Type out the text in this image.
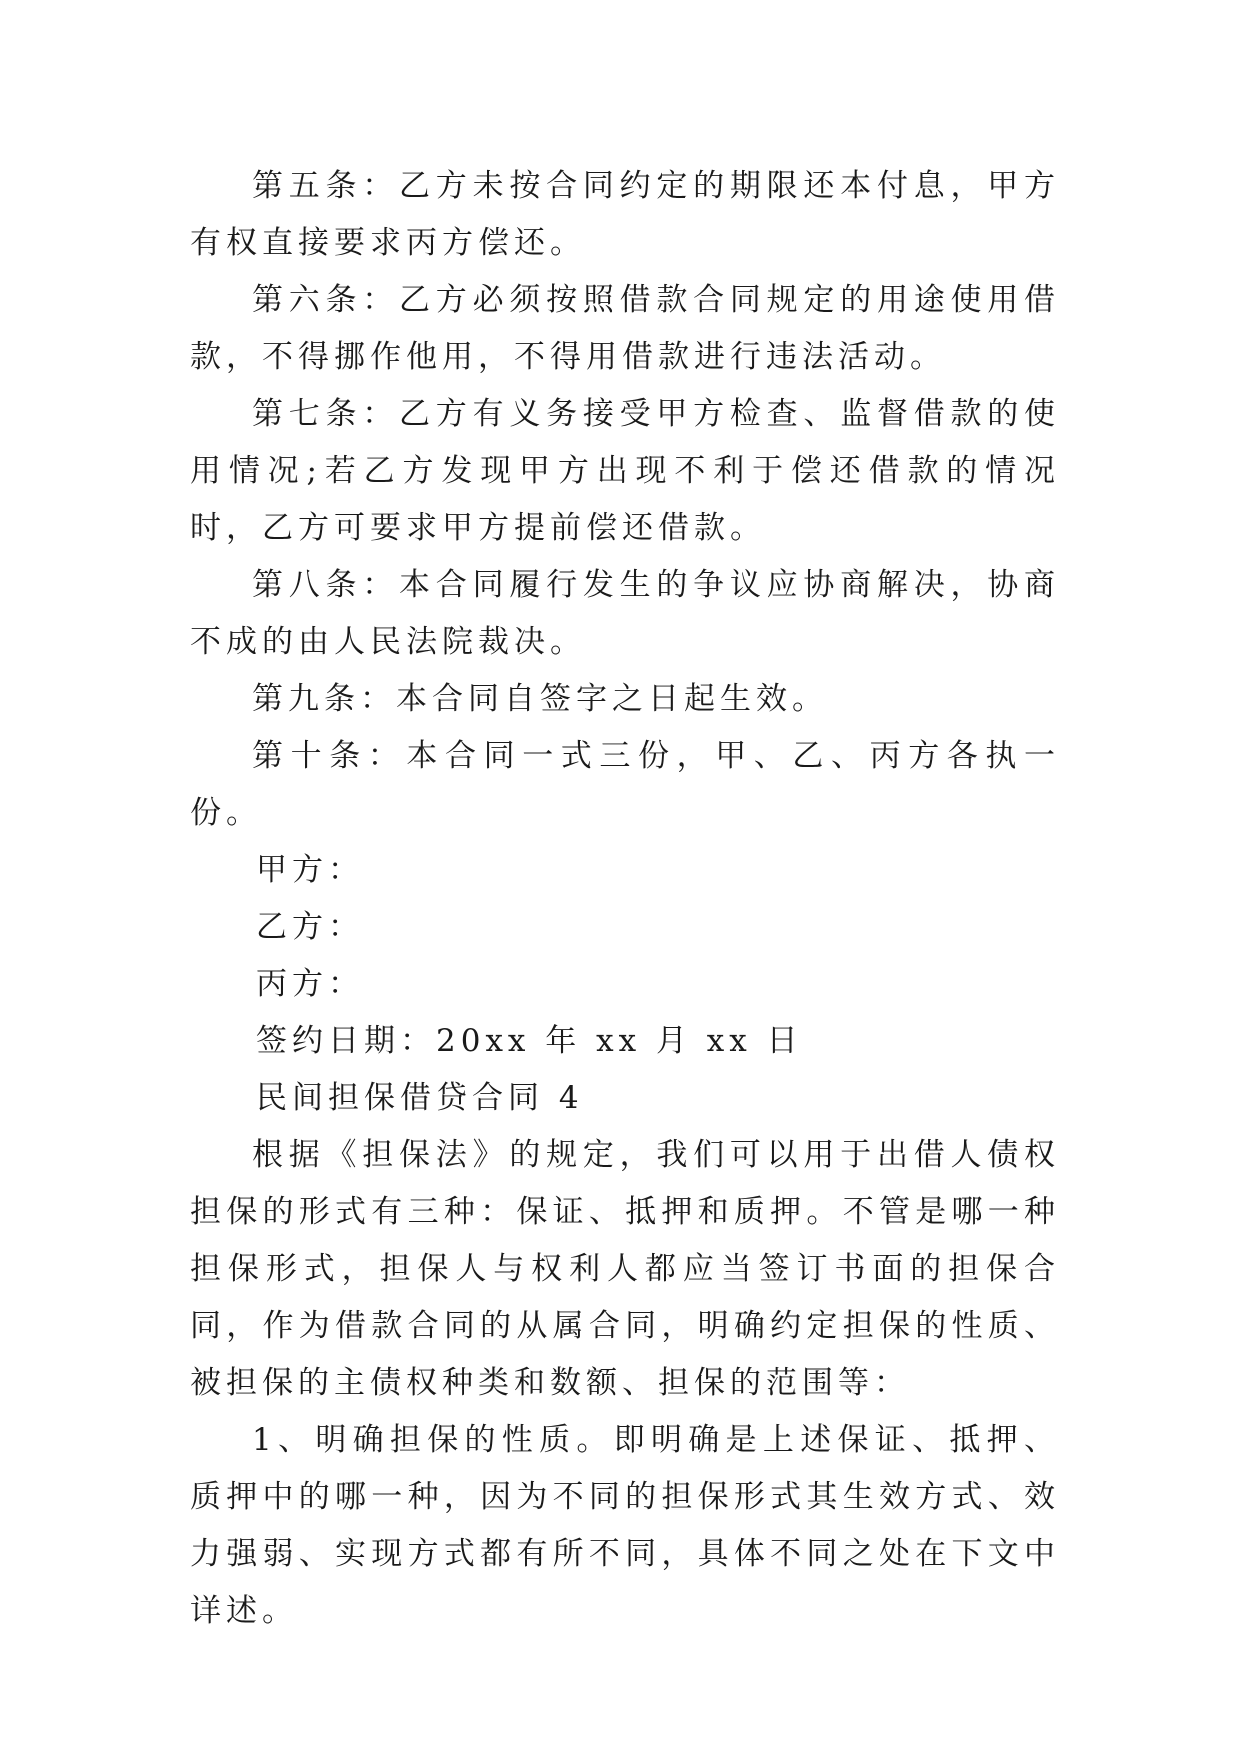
第五条：乙方未按合同约定的期限还本付息，甲方有权直接要求丙方偿还。

第六条：乙方必须按照借款合同规定的用途使用借款，不得挪作他用，不得用借款进行违法活动。

第七条：乙方有义务接受甲方检查、监督借款的使用情况;若乙方发现甲方出现不利于偿还借款的情况时，乙方可要求甲方提前偿还借款。

第八条：本合同履行发生的争议应协商解决，协商不成的由人民法院裁决。

第九条：本合同自签字之日起生效。

第十条：本合同一式三份，甲、乙、丙方各执一份。

甲方：
乙方：
丙方：
签约日期：20xx 年 xx 月 xx 日
民间担保借贷合同 4

根据《担保法》的规定，我们可以用于出借人债权担保的形式有三种：保证、抵押和质押。不管是哪一种担保形式，担保人与权利人都应当签订书面的担保合同，作为借款合同的从属合同，明确约定担保的性质、被担保的主债权种类和数额、担保的范围等：

1、明确担保的性质。即明确是上述保证、抵押、质押中的哪一种，因为不同的担保形式其生效方式、效力强弱、实现方式都有所不同，具体不同之处在下文中详述。
